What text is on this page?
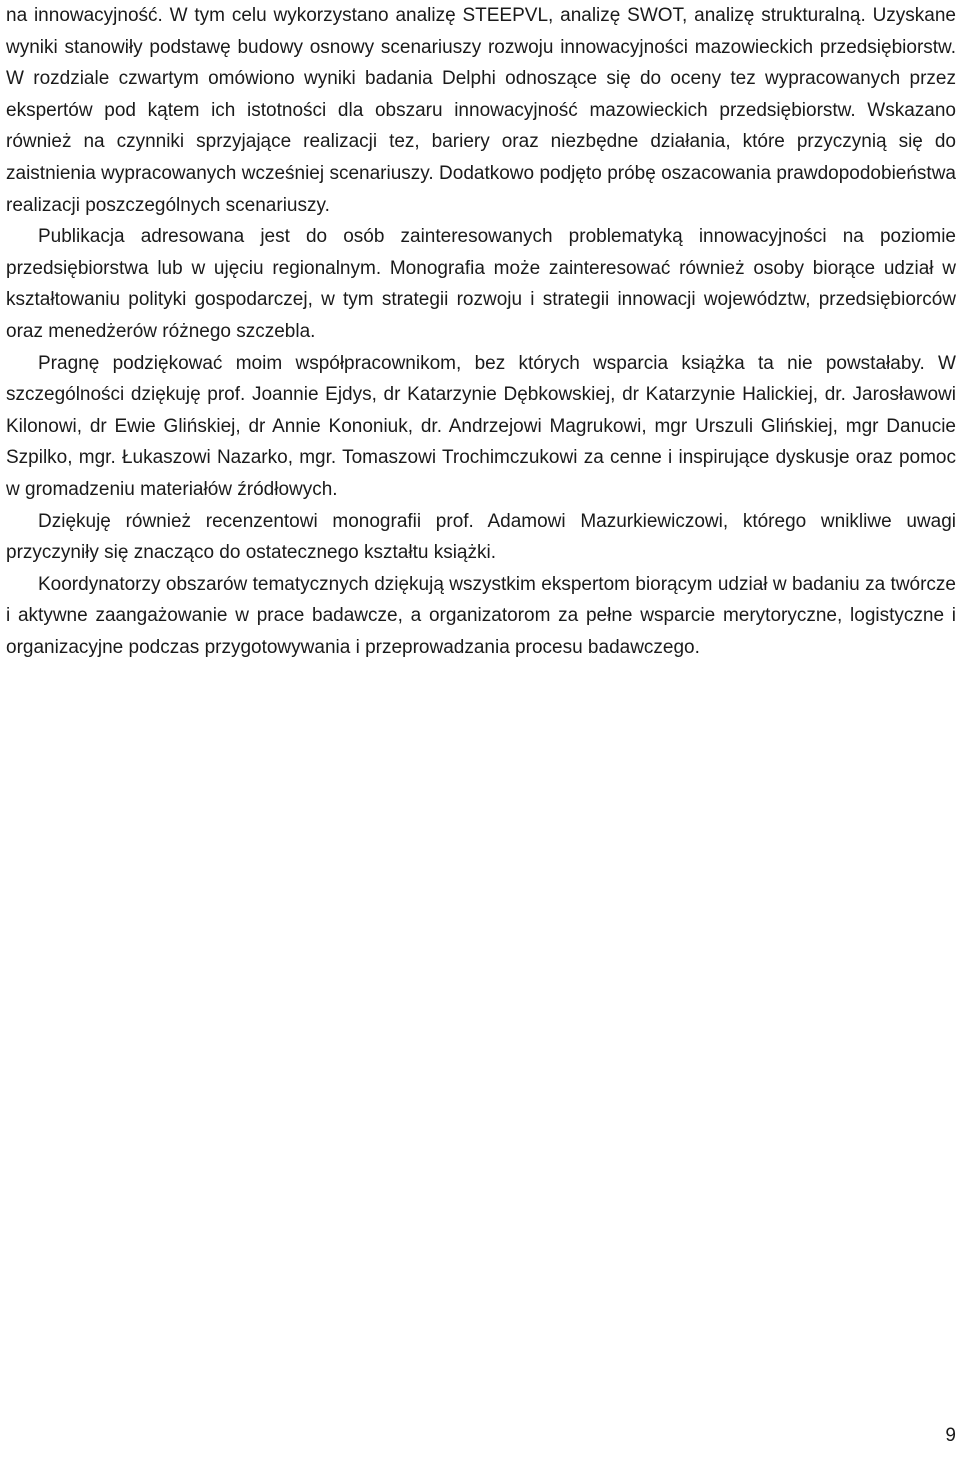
na innowacyjność. W tym celu wykorzystano analizę STEEPVL, analizę SWOT, analizę strukturalną. Uzyskane wyniki stanowiły podstawę budowy osnowy scenariuszy rozwoju innowacyjności mazowieckich przedsiębiorstw. W rozdziale czwartym omówiono wyniki badania Delphi odnoszące się do oceny tez wypracowanych przez ekspertów pod kątem ich istotności dla obszaru innowacyjność mazowieckich przedsiębiorstw. Wskazano również na czynniki sprzyjające realizacji tez, bariery oraz niezbędne działania, które przyczynią się do zaistnienia wypracowanych wcześniej scenariuszy. Dodatkowo podjęto próbę oszacowania prawdopodobieństwa realizacji poszczególnych scenariuszy.

Publikacja adresowana jest do osób zainteresowanych problematyką innowacyjności na poziomie przedsiębiorstwa lub w ujęciu regionalnym. Monografia może zainteresować również osoby biorące udział w kształtowaniu polityki gospodarczej, w tym strategii rozwoju i strategii innowacji województw, przedsiębiorców oraz menedżerów różnego szczebla.

Pragnę podziękować moim współpracownikom, bez których wsparcia książka ta nie powstałaby. W szczególności dziękuję prof. Joannie Ejdys, dr Katarzynie Dębkowskiej, dr Katarzynie Halickiej, dr. Jarosławowi Kilonowi, dr Ewie Glińskiej, dr Annie Kononiuk, dr. Andrzejowi Magrukowi, mgr Urszuli Glińskiej, mgr Danucie Szpilko, mgr. Łukaszowi Nazarko, mgr. Tomaszowi Trochimczukowi za cenne i inspirujące dyskusje oraz pomoc w gromadzeniu materiałów źródłowych.

Dziękuję również recenzentowi monografii prof. Adamowi Mazurkiewiczowi, którego wnikliwe uwagi przyczyniły się znacząco do ostatecznego kształtu książki.

Koordynatorzy obszarów tematycznych dziękują wszystkim ekspertom biorącym udział w badaniu za twórcze i aktywne zaangażowanie w prace badawcze, a organizatorom za pełne wsparcie merytoryczne, logistyczne i organizacyjne podczas przygotowywania i przeprowadzania procesu badawczego.

9
